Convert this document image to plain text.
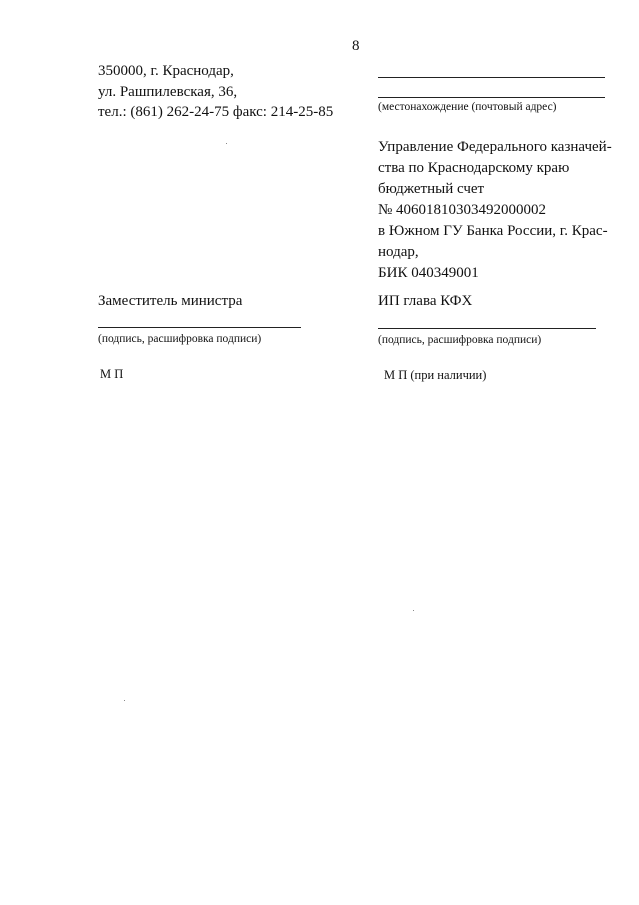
8
350000, г. Краснодар,
ул. Рашпилевская, 36,
тел.: (861) 262-24-75 факс: 214-25-85	(местонахождение (почтовый адрес)
Управление Федерального казначей-
ства по Краснодарскому краю
бюджетный счет
№ 40601810303492000002
в Южном ГУ Банка России, г. Крас-
нодар,
БИК 040349001
Заместитель министра	ИП глава КФХ
(подпись, расшифровка подписи)	(подпись, расшифровка подписи)
М П	М П (при наличии)
